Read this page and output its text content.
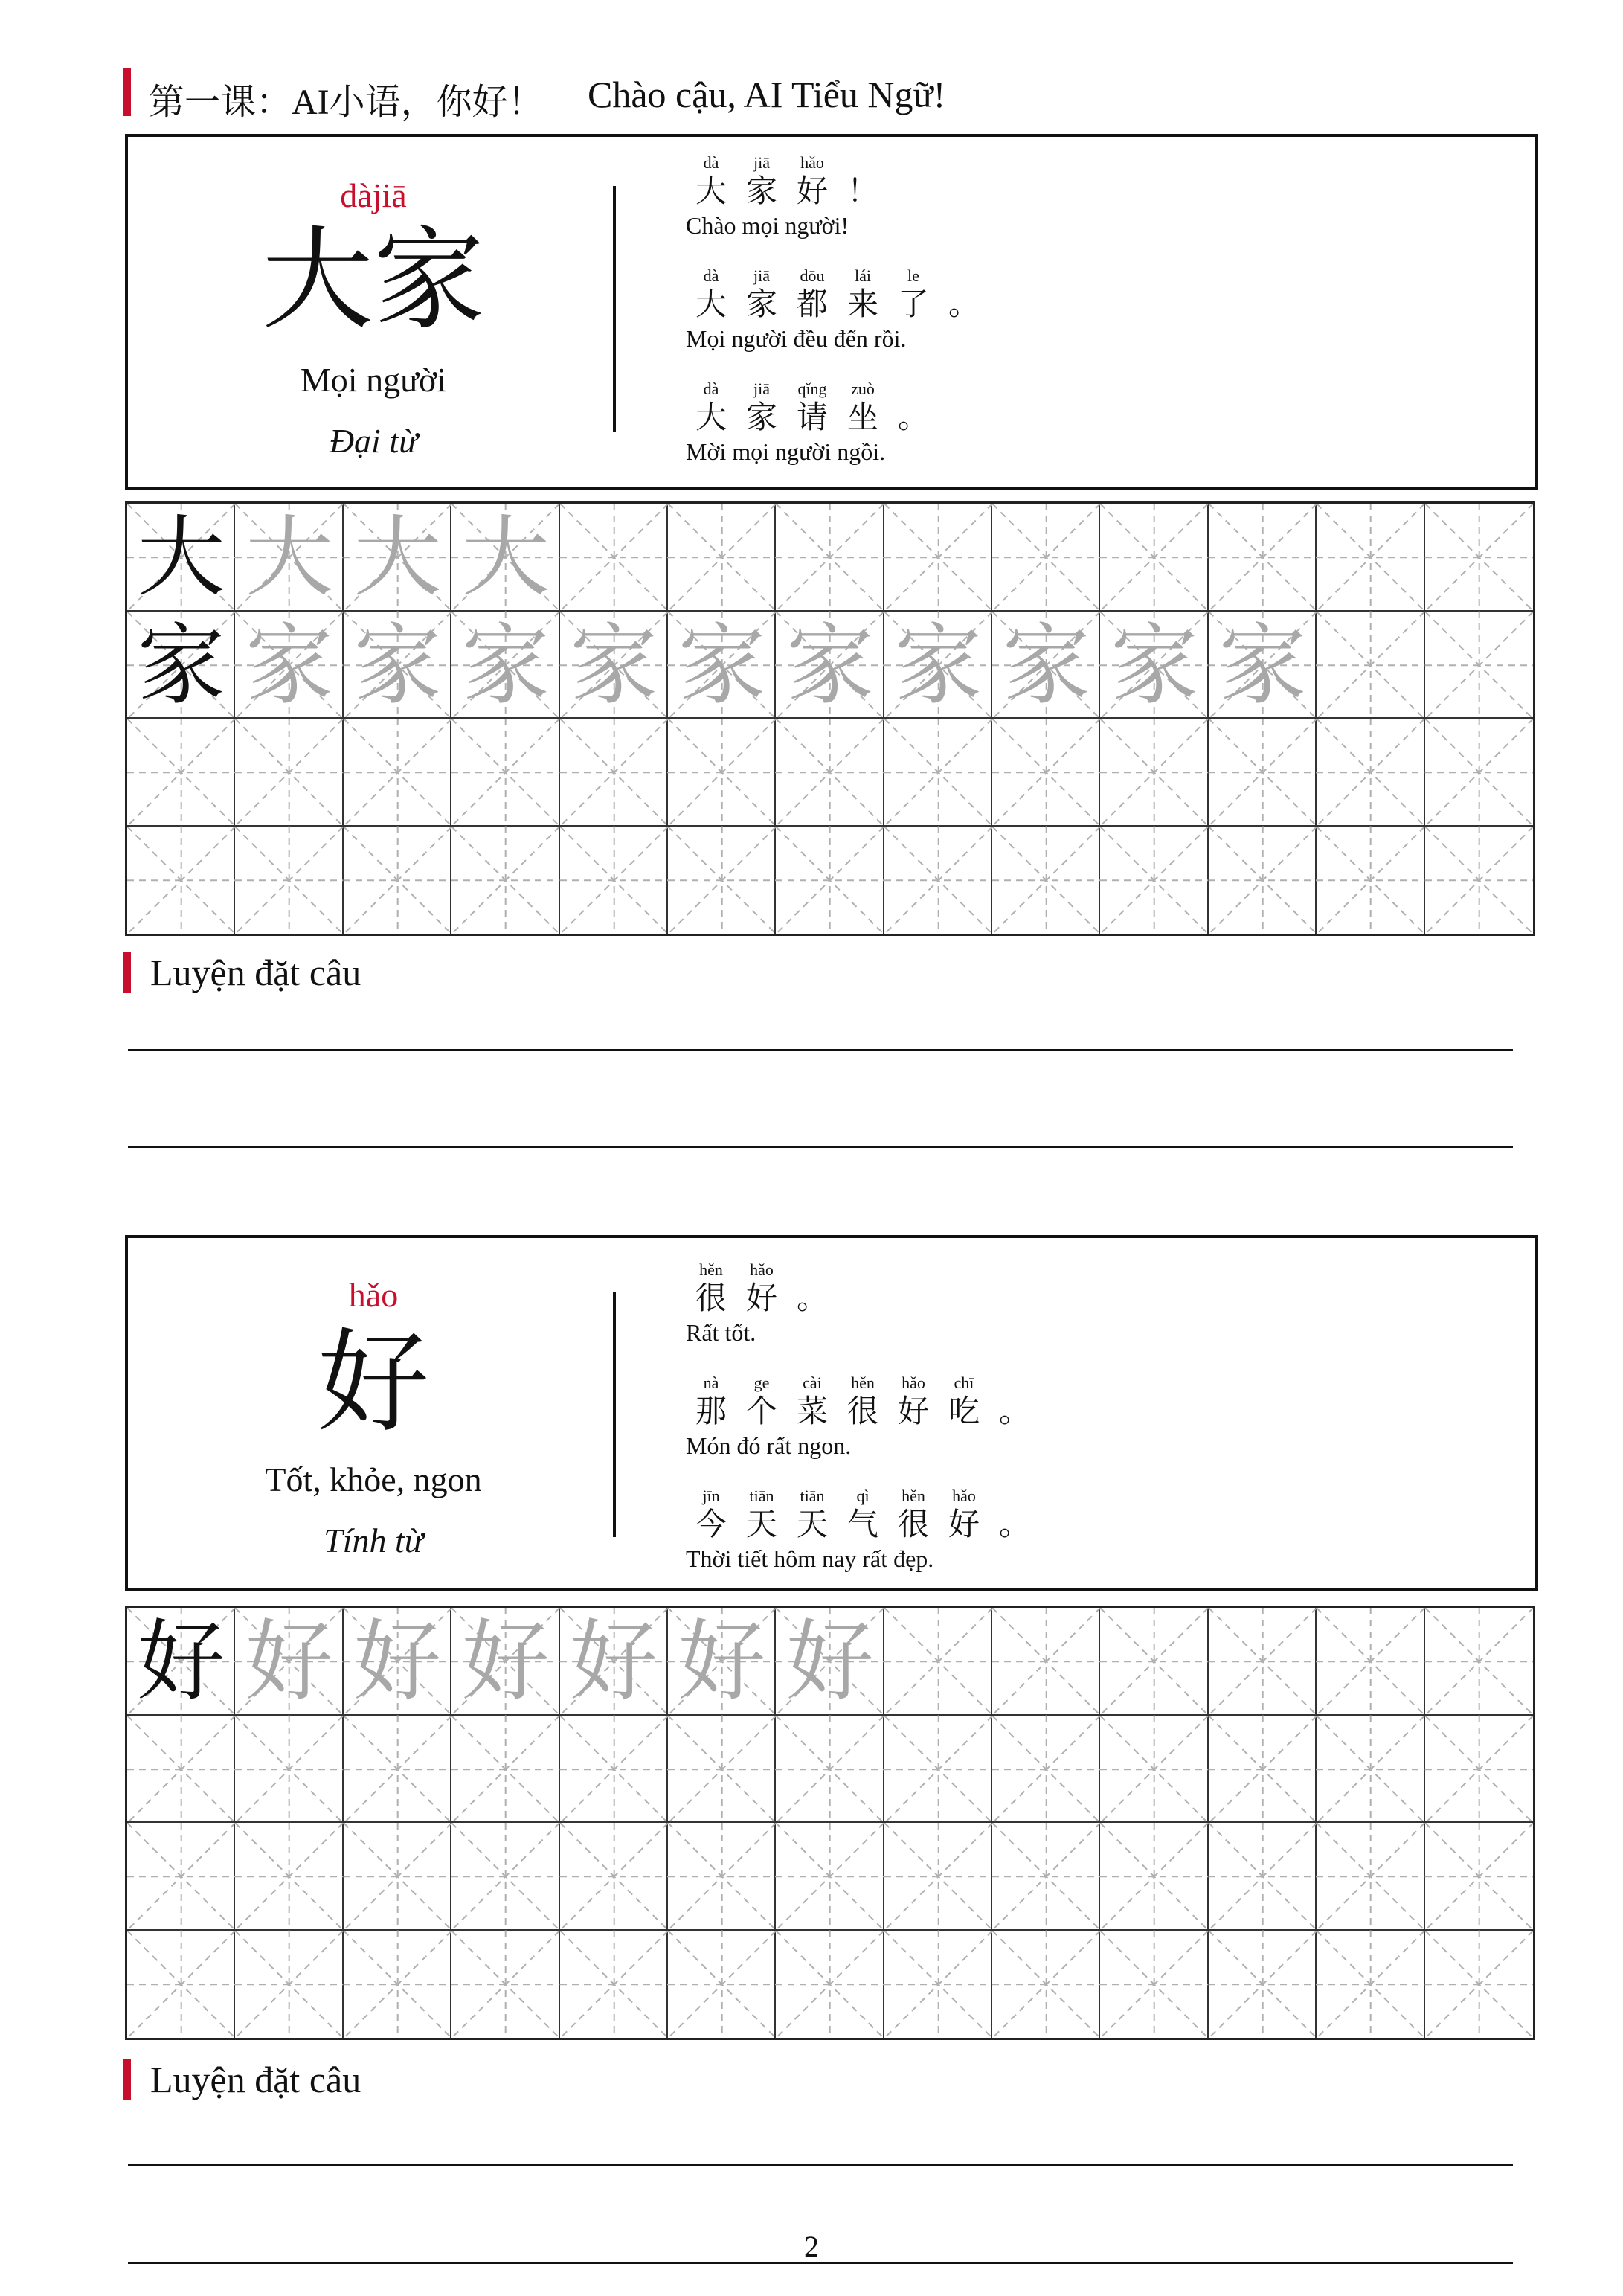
第一课：AI小语，你好！ Chào cậu, AI Tiểu Ngữ!
dàjiā
大家
Mọi người
Đại từ
dà	jiā	hǎo
大 家 好 ！
Chào mọi người!
dà	jiā	dōu	lái	le
大 家 都 来 了 。
Mọi người đều đến rồi.
dà	jiā	qǐng	zuò
大 家 请 坐 。
Mời mọi người ngồi.
大 大 大 大
家 家 家 家 家 家 家 家 家 家 家
Luyện đặt câu
hǎo
好
Tốt, khỏe, ngon
Tính từ
hěn	hǎo
很 好 。
Rất tốt.
nà	ge	cài	hěn	hǎo	chī
那 个 菜 很 好 吃 。
Món đó rất ngon.
jīn	tiān	tiān	qì	hěn	hǎo
今 天 天 气 很 好 。
Thời tiết hôm nay rất đẹp.
好 好 好 好 好 好 好
Luyện đặt câu
2
